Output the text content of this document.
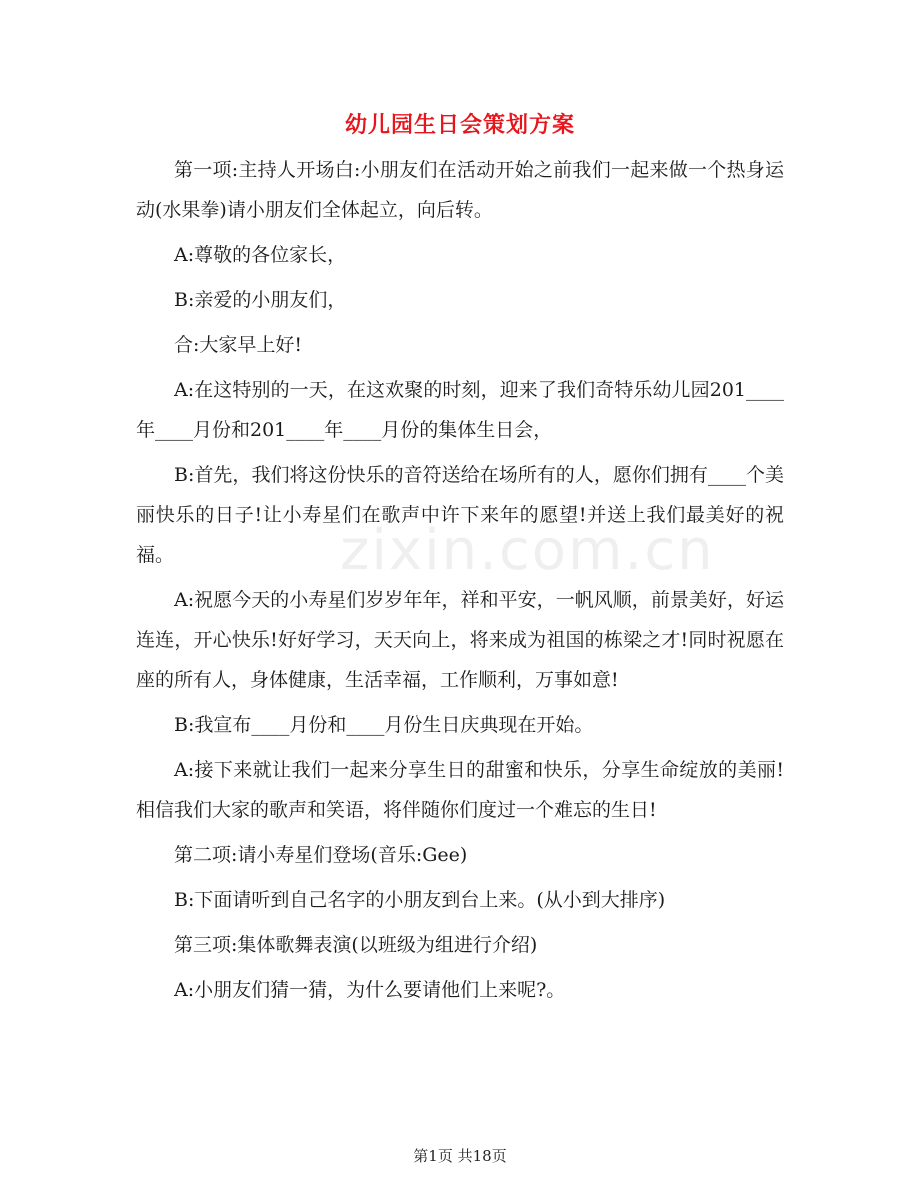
zixin.com.cn
幼儿园生日会策划方案

第一项:主持人开场白:小朋友们在活动开始之前我们一起来做一个热身运动(水果拳)请小朋友们全体起立，向后转。

A:尊敬的各位家长，

B:亲爱的小朋友们，

合:大家早上好!

A:在这特别的一天，在这欢聚的时刻，迎来了我们奇特乐幼儿园201____年____月份和201____年____月份的集体生日会，

B:首先，我们将这份快乐的音符送给在场所有的人，愿你们拥有____个美丽快乐的日子!让小寿星们在歌声中许下来年的愿望!并送上我们最美好的祝福。

A:祝愿今天的小寿星们岁岁年年，祥和平安，一帆风顺，前景美好，好运连连，开心快乐!好好学习，天天向上，将来成为祖国的栋梁之才!同时祝愿在座的所有人，身体健康，生活幸福，工作顺利，万事如意!

B:我宣布____月份和____月份生日庆典现在开始。

A:接下来就让我们一起来分享生日的甜蜜和快乐，分享生命绽放的美丽!相信我们大家的歌声和笑语，将伴随你们度过一个难忘的生日!

第二项:请小寿星们登场(音乐:Gee)

B:下面请听到自己名字的小朋友到台上来。(从小到大排序)

第三项:集体歌舞表演(以班级为组进行介绍)

A:小朋友们猜一猜，为什么要请他们上来呢?。

第1页 共18页
